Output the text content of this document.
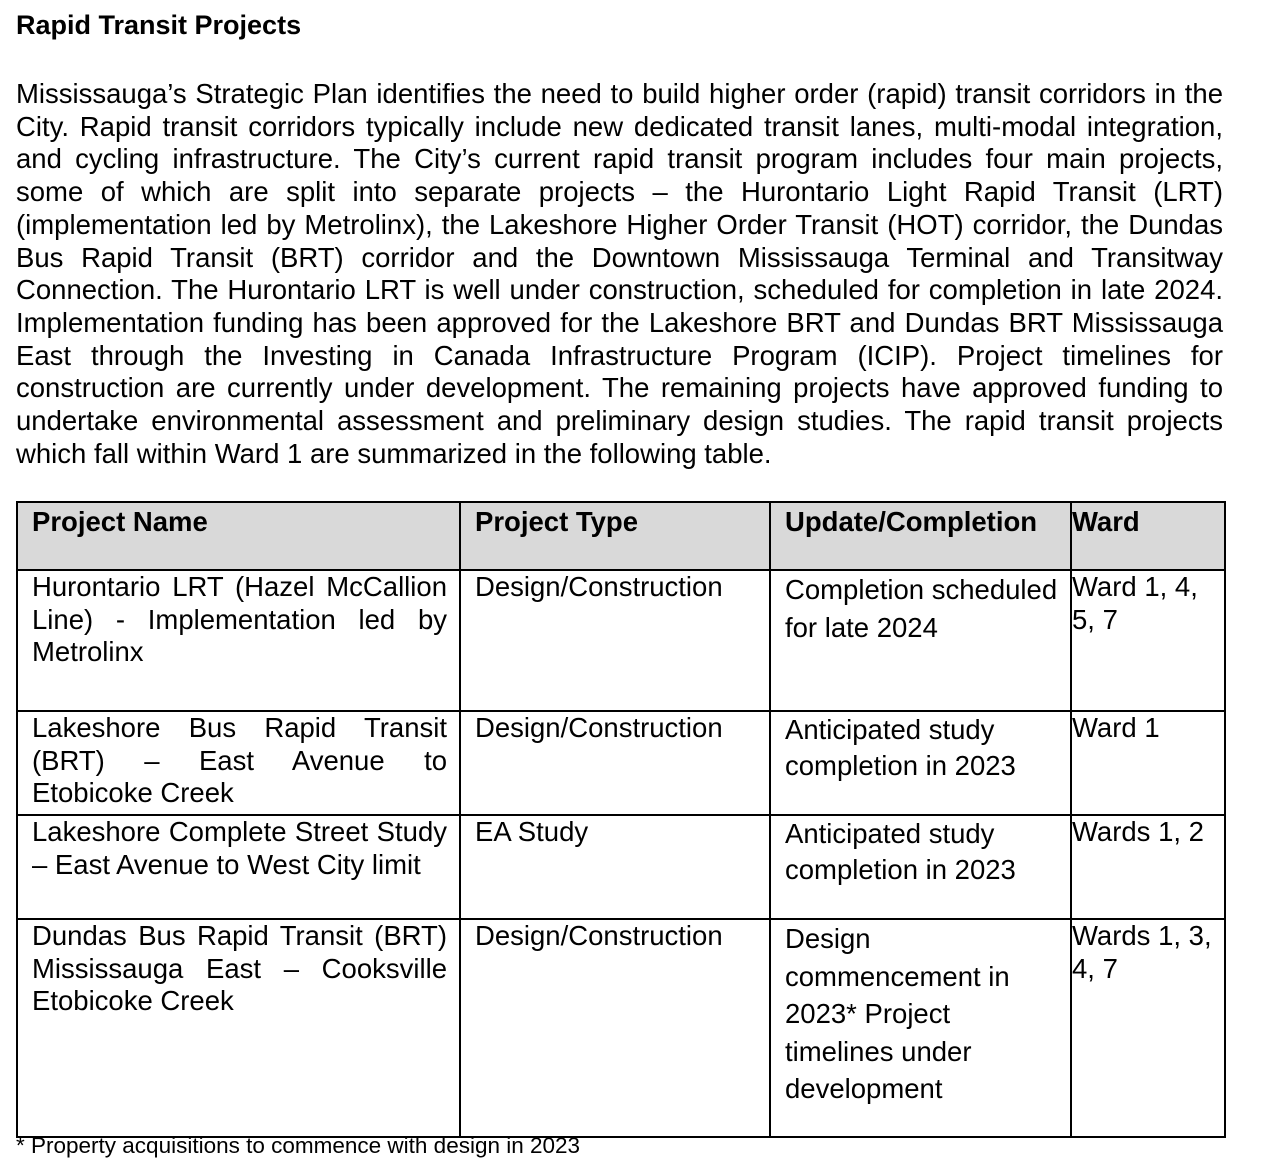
Rapid Transit Projects

Mississauga’s Strategic Plan identifies the need to build higher order (rapid) transit corridors in the City. Rapid transit corridors typically include new dedicated transit lanes, multi-modal integration, and cycling infrastructure. The City’s current rapid transit program includes four main projects, some of which are split into separate projects – the Hurontario Light Rapid Transit (LRT) (implementation led by Metrolinx), the Lakeshore Higher Order Transit (HOT) corridor, the Dundas Bus Rapid Transit (BRT) corridor and the Downtown Mississauga Terminal and Transitway Connection. The Hurontario LRT is well under construction, scheduled for completion in late 2024. Implementation funding has been approved for the Lakeshore BRT and Dundas BRT Mississauga East through the Investing in Canada Infrastructure Program (ICIP). Project timelines for construction are currently under development. The remaining projects have approved funding to undertake environmental assessment and preliminary design studies. The rapid transit projects which fall within Ward 1 are summarized in the following table.

Project Name	Project Type	Update/Completion	Ward

Hurontario LRT (Hazel McCallion Line) - Implementation led by Metrolinx	Design/Construction	Completion scheduled for late 2024	Ward 1, 4, 5, 7

Lakeshore Bus Rapid Transit (BRT) – East Avenue to Etobicoke Creek	Design/Construction	Anticipated study completion in 2023	Ward 1

Lakeshore Complete Street Study – East Avenue to West City limit	EA Study	Anticipated study completion in 2023	Wards 1, 2

Dundas Bus Rapid Transit (BRT) Mississauga East – Cooksville Etobicoke Creek	Design/Construction	Design commencement in 2023* Project timelines under development	Wards 1, 3, 4, 7
* Property acquisitions to commence with design in 2023
